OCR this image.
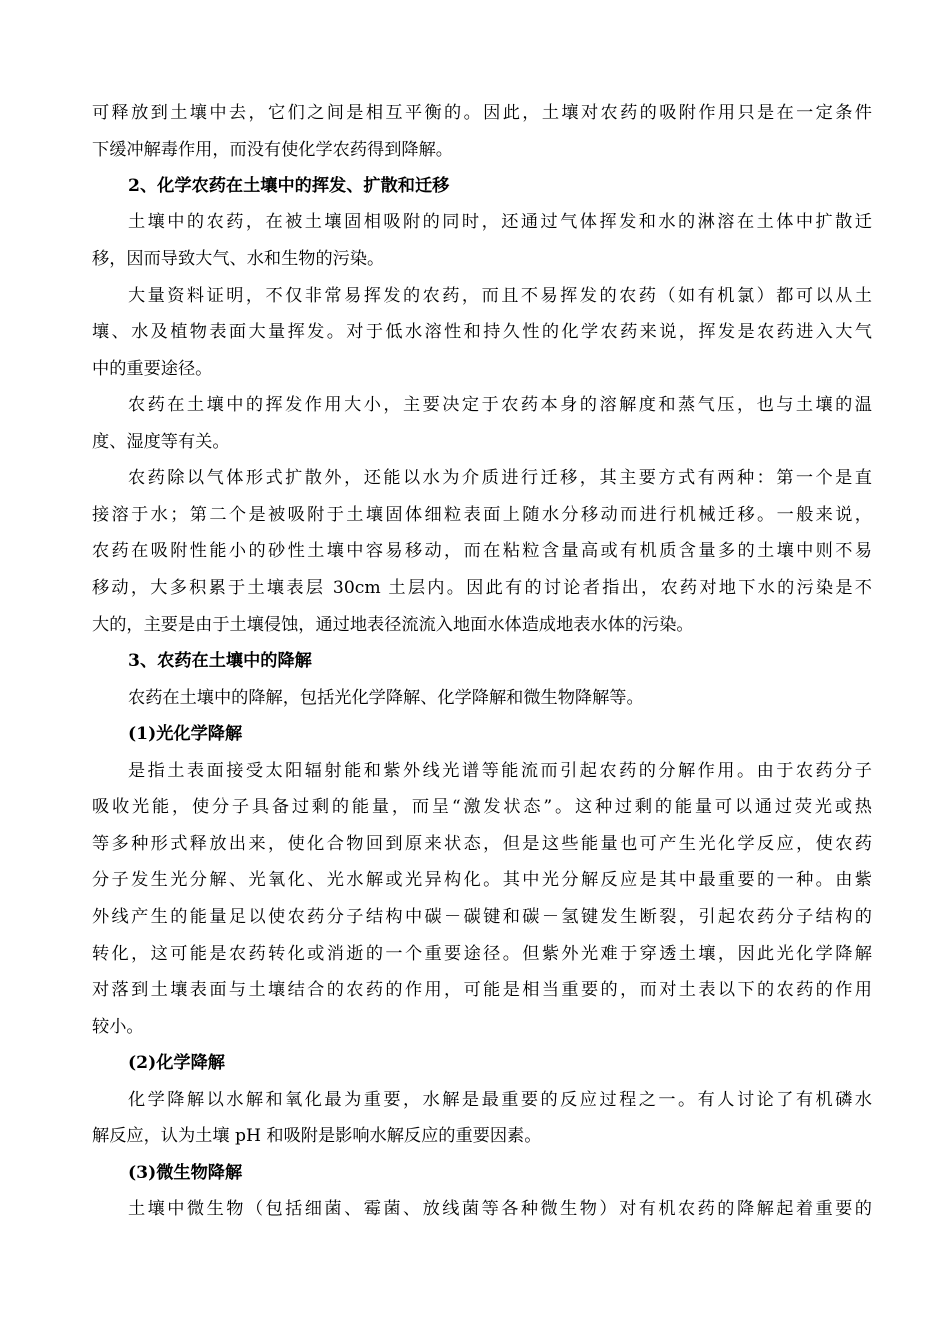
可释放到土壤中去，它们之间是相互平衡的。因此，土壤对农药的吸附作用只是在一定条件
下缓冲解毒作用，而没有使化学农药得到降解。
2、化学农药在土壤中的挥发、扩散和迁移
土壤中的农药，在被土壤固相吸附的同时，还通过气体挥发和水的淋溶在土体中扩散迁
移，因而导致大气、水和生物的污染。
大量资料证明，不仅非常易挥发的农药，而且不易挥发的农药（如有机氯）都可以从土
壤、水及植物表面大量挥发。对于低水溶性和持久性的化学农药来说，挥发是农药进入大气
中的重要途径。
农药在土壤中的挥发作用大小，主要决定于农药本身的溶解度和蒸气压，也与土壤的温
度、湿度等有关。
农药除以气体形式扩散外，还能以水为介质进行迁移，其主要方式有两种：第一个是直
接溶于水；第二个是被吸附于土壤固体细粒表面上随水分移动而进行机械迁移。一般来说，
农药在吸附性能小的砂性土壤中容易移动，而在粘粒含量高或有机质含量多的土壤中则不易
移动，大多积累于土壤表层 30cm 土层内。因此有的讨论者指出，农药对地下水的污染是不
大的，主要是由于土壤侵蚀，通过地表径流流入地面水体造成地表水体的污染。
3、农药在土壤中的降解
农药在土壤中的降解，包括光化学降解、化学降解和微生物降解等。
(1)光化学降解
是指土表面接受太阳辐射能和紫外线光谱等能流而引起农药的分解作用。由于农药分子
吸收光能，使分子具备过剩的能量，而呈“激发状态”。这种过剩的能量可以通过荧光或热
等多种形式释放出来，使化合物回到原来状态，但是这些能量也可产生光化学反应，使农药
分子发生光分解、光氧化、光水解或光异构化。其中光分解反应是其中最重要的一种。由紫
外线产生的能量足以使农药分子结构中碳－碳键和碳－氢键发生断裂，引起农药分子结构的
转化，这可能是农药转化或消逝的一个重要途径。但紫外光难于穿透土壤，因此光化学降解
对落到土壤表面与土壤结合的农药的作用，可能是相当重要的，而对土表以下的农药的作用
较小。
(2)化学降解
化学降解以水解和氧化最为重要，水解是最重要的反应过程之一。有人讨论了有机磷水
解反应，认为土壤 pH 和吸附是影响水解反应的重要因素。
(3)微生物降解
土壤中微生物（包括细菌、霉菌、放线菌等各种微生物）对有机农药的降解起着重要的
